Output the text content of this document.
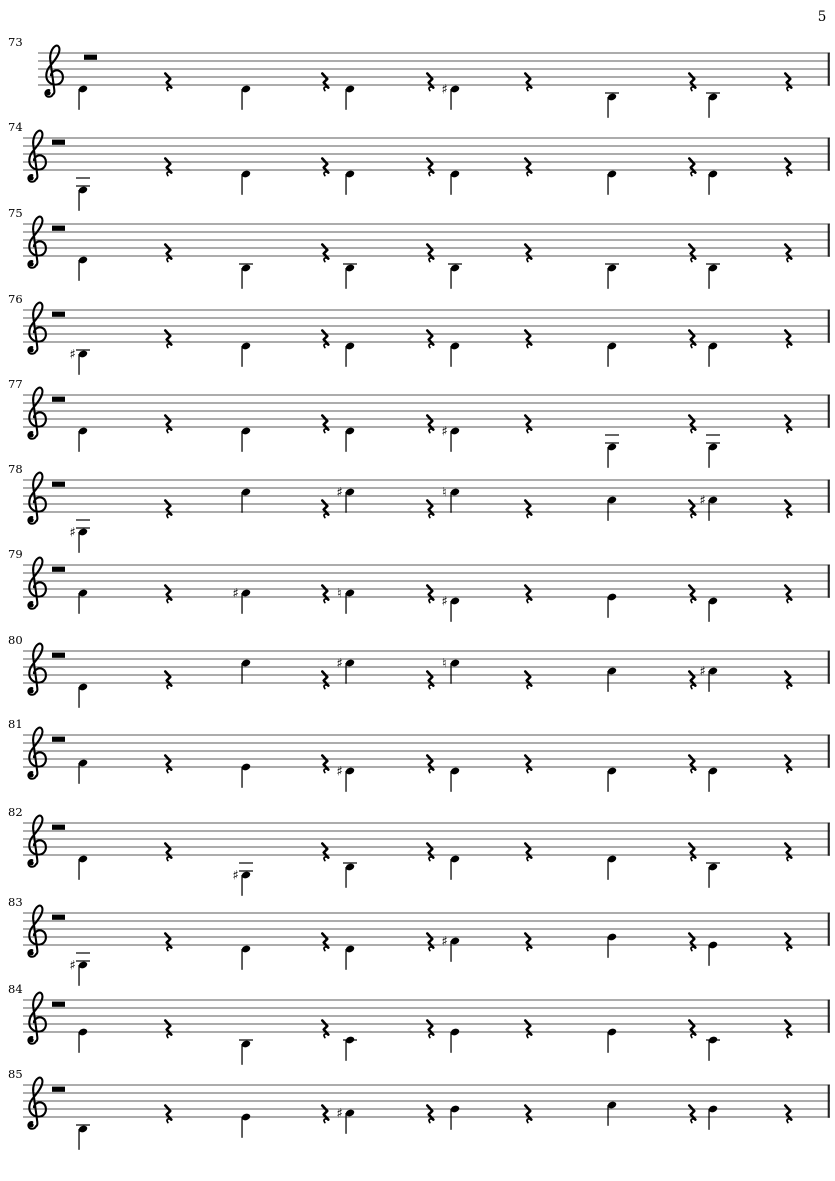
5
73
♯
74
75
76
♯
77
♯
78
♯
♯	♮
♯
79
♯	♮
♯
80
♯	♮
♯
81
♯
82
♯
83
♯
♯
84
85
♯
